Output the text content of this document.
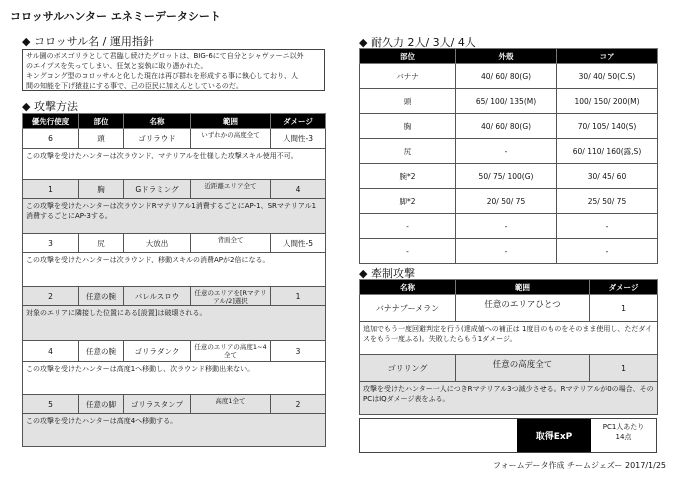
コロッサルハンター エネミーデータシート
◆ コロッサル名 / 運用指針
サル園のボスゴリラとして君臨し続けたグロットは、BIG-6にて自分とシャヴァーニ以外
のエイプスを失ってしまい、狂気と妄執に取り憑かれた。
キングコング型のコロッサルと化した現在は再び群れを形成する事に執心しており、人
間の知能を下げ猿並にする事で、己の臣民に加えんとしているのだ。
◆ 攻撃方法
優先行使度	部位	名称	範囲	ダメージ
6	頭	ゴリラウド	いずれかの高度全て	人間性-3
この攻撃を受けたハンターは次ラウンド、マテリアルを仕様した攻撃スキル使用不可。				
1	胸	Gドラミング	近距離エリア全て	4
この攻撃を受けたハンターは次ラウンドRマテリアル1消費するごとにAP-1、SRマテリアル1消費するごとにAP-3する。				
3	尻	大放出	背面全て	人間性-5
この攻撃を受けたハンターは次ラウンド、移動スキルの消費APが2倍になる。				
2	任意の腕	バレルスロウ	任意のエリアを[Rマテリアル/2]選択	1
対象のエリアに隣接した位置にある[設置]は破壊される。				
4	任意の腕	ゴリラダンク	任意のエリアの高度1~4全て	3
この攻撃を受けたハンターは高度1へ移動し、次ラウンド移動出来ない。				
5	任意の脚	ゴリラスタンプ	高度1全て	2
この攻撃を受けたハンターは高度4へ移動する。				
◆ 耐久力 2人/ 3人/ 4人
部位	外殻	コア
バナナ	40/ 60/ 80(G)	30/ 40/ 50(C.S)
頭	65/ 100/ 135(M)	100/ 150/ 200(M)
胸	40/ 60/ 80(G)	70/ 105/ 140(S)
尻	-	60/ 110/ 160(露,S)
腕*2	50/ 75/ 100(G)	30/ 45/ 60
脚*2	20/ 50/ 75	25/ 50/ 75
-	-	-
-	-	-
◆ 牽制攻撃
名称	範囲	ダメージ
バナナブーメラン	任意のエリアひとつ	1
追加でもう一度回避判定を行う(達成値への補正は 1度目のものをそのまま使用し、ただダイスをもう一度ふる)。失敗したらもう1ダメージ。		
ゴリリング	任意の高度全て	1
攻撃を受けたハンター一人につきRマテリアル3つ減少させる。Rマテリアルが0の場合、そのPCはIQダメージ表をふる。		
取得ExP
PC1人あたり
14点
フォームデータ作成 チームジェズー 2017/1/25
